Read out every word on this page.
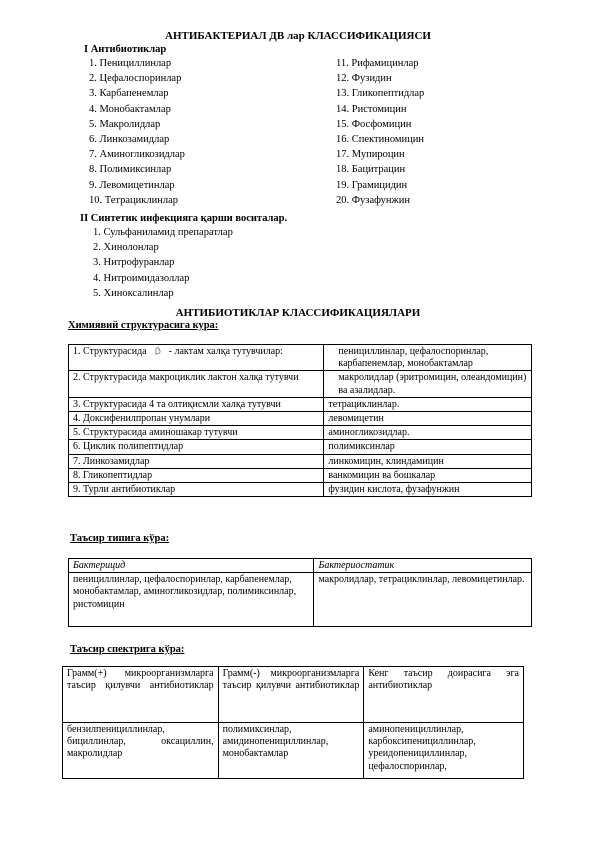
АНТИБАКТЕРИАЛ ДВ лар КЛАССИФИКАЦИЯСИ
I Антибиотиклар
1. Пенициллинлар
2. Цефалоспоринлар
3. Карбапенемлар
4. Монобактамлар
5. Макролидлар
6. Линкозамидлар
7. Аминогликозидлар
8. Полимиксинлар
9. Левомицетинлар
10. Тетрациклинлар
11. Рифамицинлар
12. Фузидин
13. Гликопептидлар
14. Ристомицин
15. Фосфомицин
16. Спектиномицин
17. Мупироцин
18. Бацитрацин
19. Грамицидин
20. Фузафунжин
II Синтетик инфекцияга қарши воситалар.
1. Сульфаниламид препаратлар
2. Хинолонлар
3. Нитрофуранлар
4. Нитроимидазоллар
5. Хиноксалинлар
АНТИБИОТИКЛАР КЛАССИФИКАЦИЯЛАРИ
Химиявий структурасига кура:
1. Структурасида - лактам халқа тутувчилар:	пенициллинлар, цефалоспоринлар, карбапенемлар, монобактамлар
2. Структурасида макроциклик лактон халқа тутувчи	макролидлар (эритромицин, олеандомицин) ва азалидлар.
3. Структурасида 4 та олтиқисмли халқа тутувчи	тетрациклинлар.
4. Доксифенилпропан унумлари	левомицетин
5. Структурасида аминошакар тутувчи	аминогликозидлар.
6. Циклик полипептидлар	полимиксинлар
7. Линкозамидлар	линкомицин, клиндамицин
8. Гликопептидлар	ванкомицин ва бошкалар
9. Турли антибиотиклар	фузидин кислота, фузафунжин
Таъсир типига кўра:
Бактерицид	Бактериостатик
пенициллинлар, цефалоспоринлар, карбапенемлар, монобактамлар, аминогликозидлар, полимиксинлар, ристомицин	макролидлар, тетрациклинлар, левомицетинлар.
Таъсир спектрига кўра:
Грамм(+) микроорганизмларга таъсир қилувчи антибиотиклар	Грамм(-) микроорганизмларга таъсир қилувчи антибиотиклар	Кенг таъсир доирасига эга антибиотиклар
бензилпенициллинлар, бициллинлар, оксациллин, макролидлар	полимиксинлар, амидинопенициллинлар, монобактамлар	аминопенициллинлар, карбоксипенициллинлар, уреидопенициллинлар, цефалоспоринлар,
